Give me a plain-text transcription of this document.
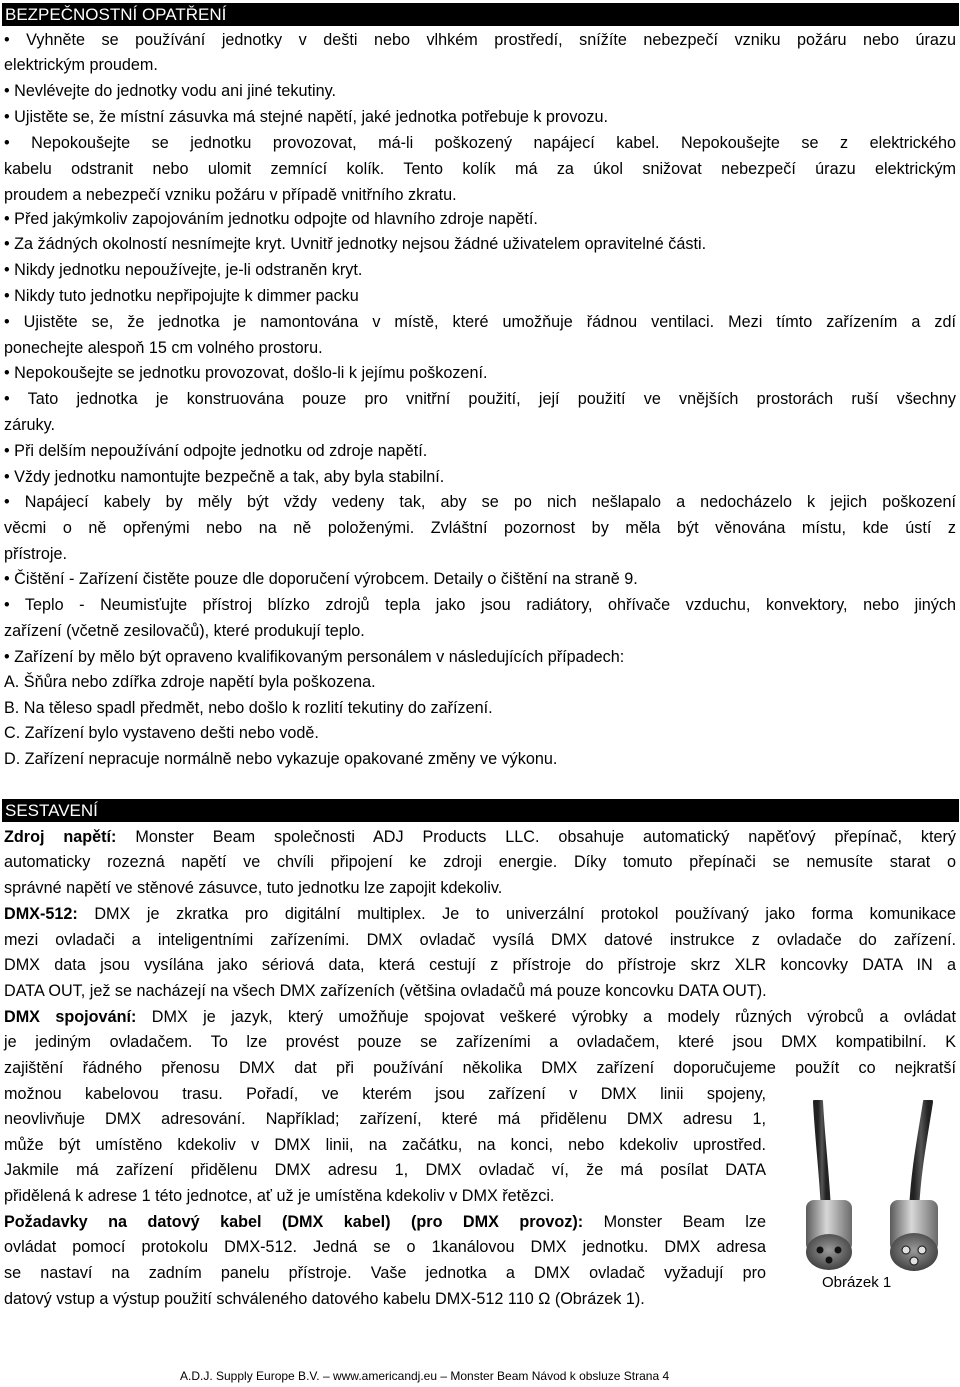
BEZPEČNOSTNÍ OPATŘENÍ
• Vyhněte se používání jednotky v dešti nebo vlhkém prostředí, snížíte nebezpečí vzniku požáru nebo úrazu
elektrickým proudem.
• Nevlévejte do jednotky vodu ani jiné tekutiny.
• Ujistěte se, že místní zásuvka má stejné napětí, jaké jednotka potřebuje k provozu.
• Nepokoušejte se jednotku provozovat, má-li poškozený napájecí kabel. Nepokoušejte se z elektrického
kabelu odstranit nebo ulomit zemnící kolík. Tento kolík má za úkol snižovat nebezpečí úrazu elektrickým
proudem a nebezpečí vzniku požáru v případě vnitřního zkratu.
• Před jakýmkoliv zapojováním jednotku odpojte od hlavního zdroje napětí.
• Za žádných okolností nesnímejte kryt. Uvnitř jednotky nejsou žádné uživatelem opravitelné části.
• Nikdy jednotku nepoužívejte, je-li odstraněn kryt.
• Nikdy tuto jednotku nepřipojujte k dimmer packu
• Ujistěte se, že jednotka je namontována v místě, které umožňuje řádnou ventilaci. Mezi tímto zařízením a zdí
ponechejte alespoň 15 cm volného prostoru.
• Nepokoušejte se jednotku provozovat, došlo-li k jejímu poškození.
• Tato jednotka je konstruována pouze pro vnitřní použití, její použití ve vnějších prostorách ruší všechny
záruky.
• Při delším nepoužívání odpojte jednotku od zdroje napětí.
• Vždy jednotku namontujte bezpečně a tak, aby byla stabilní.
• Napájecí kabely by měly být vždy vedeny tak, aby se po nich nešlapalo a nedocházelo k jejich poškození
věcmi o ně opřenými nebo na ně položenými. Zvláštní pozornost by měla být věnována místu, kde ústí z
přístroje.
• Čištění - Zařízení čistěte pouze dle doporučení výrobcem. Detaily o čištění na straně 9.
• Teplo - Neumisťujte přístroj blízko zdrojů tepla jako jsou radiátory, ohřívače vzduchu, konvektory, nebo jiných
zařízení (včetně zesilovačů), které produkují teplo.
• Zařízení by mělo být opraveno kvalifikovaným personálem v následujících případech:
A. Šňůra nebo zdířka zdroje napětí byla poškozena.
B. Na těleso spadl předmět, nebo došlo k rozlití tekutiny do zařízení.
C. Zařízení bylo vystaveno dešti nebo vodě.
D. Zařízení nepracuje normálně nebo vykazuje opakované změny ve výkonu.
SESTAVENÍ
Zdroj napětí: Monster Beam společnosti ADJ Products LLC. obsahuje automatický napěťový přepínač, který
automaticky rozezná napětí ve chvíli připojení ke zdroji energie. Díky tomuto přepínači se nemusíte starat o
správné napětí ve stěnové zásuvce, tuto jednotku lze zapojit kdekoliv.
DMX-512: DMX je zkratka pro digitální multiplex. Je to univerzální protokol používaný jako forma komunikace
mezi ovladači a inteligentními zařízeními. DMX ovladač vysílá DMX datové instrukce z ovladače do zařízení.
DMX data jsou vysílána jako sériová data, která cestují z přístroje do přístroje skrz XLR koncovky DATA IN a
DATA OUT, jež se nacházejí na všech DMX zařízeních (většina ovladačů má pouze koncovku DATA OUT).
DMX spojování: DMX je jazyk, který umožňuje spojovat veškeré výrobky a modely různých výrobců a ovládat
je jediným ovladačem. To lze provést pouze se zařízeními a ovladačem, které jsou DMX kompatibilní. K
zajištění řádného přenosu DMX dat při používání několika DMX zařízení doporučujeme použít co nejkratší
možnou kabelovou trasu. Pořadí, ve kterém jsou zařízení v DMX linii spojeny,
neovlivňuje DMX adresování. Například; zařízení, které má přidělenu DMX adresu 1,
může být umístěno kdekoliv v DMX linii, na začátku, na konci, nebo kdekoliv uprostřed.
Jakmile má zařízení přidělenu DMX adresu 1, DMX ovladač ví, že má posílat DATA
přidělená k adrese 1 této jednotce, ať už je umístěna kdekoliv v DMX řetězci.
Požadavky na datový kabel (DMX kabel) (pro DMX provoz): Monster Beam lze
ovládat pomocí protokolu DMX-512. Jedná se o 1kanálovou DMX jednotku. DMX adresa
se nastaví na zadním panelu přístroje. Vaše jednotka a DMX ovladač vyžadují pro
datový vstup a výstup použití schváleného datového kabelu DMX-512 110 Ω (Obrázek 1).
Obrázek 1
A.D.J. Supply Europe B.V. – www.americandj.eu – Monster Beam Návod k obsluze Strana 4
